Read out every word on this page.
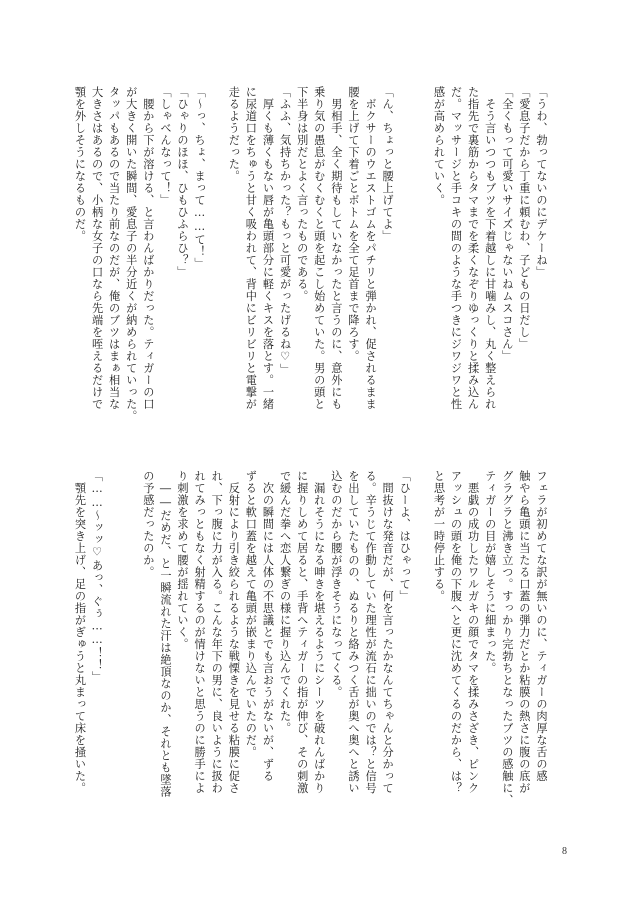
「うわ、勃ってないのにデケーね」
「愛息子だから丁重に頼むわ、子どもの日だし」
「全くもって可愛いサイズじゃないねムスコさん」
　そう言いつつもブツを下着越しに甘噛みし、丸く整えられ
た指先で裏筋からタマまでを柔くなぞりゆっくりと揉み込ん
だ。マッサージと手コキの間のような手つきにジワジワと性
感が高められていく。
「ん、ちょっと腰上げてよ」
　ボクサーのウエストゴムをパチリと弾かれ、促されるまま
腰を上げて下着ごとボトムを全て足首まで降ろす。
　男相手、全く期待もしていなかったと言うのに、意外にも
乗り気の愚息がむくむくと頭を起こし始めていた。男の頭と
下半身は別だとよく言ったものである。
「ふふ、気持ちかった？もっと可愛がったげるね♡」
　厚くも薄くもない唇が亀頭部分に軽くキスを落とす。一緒
に尿道口をちゅうと甘く吸われて、背中にビリビリと電撃が
走るようだった。
「〜っ、ちょ、まって……て！」
「ひゃりのほほ、ひもひふらひ？」
「しゃべんなって！」
　腰から下が溶ける、と言わんばかりだった。ティガーの口
が大きく開いた瞬間、愛息子の半分近くが納められていった。
タッパもあるので当たり前なのだが、俺のブツはまぁ相当な
大きさはあるので、小柄な女子の口なら先端を咥えるだけで
顎を外しそうになるものだ。
フェラが初めてな訳が無いのに、ティガーの肉厚な舌の感
触やら亀頭に当たる口蓋の弾力だとか粘膜の熱さに腹の底が
グラグラと沸き立つ。すっかり完勃ちとなったブツの感触に、
ティガーの目が嬉しそうに細まった。
　悪戯の成功したワルガキの顔でタマを揉みさざき、ピンク
アッシュの頭を俺の下腹へと更に沈めてくるのだから、は？
と思考が一時停止する。
「ひーよ、はひゃって」
　間抜けな発音だが、何を言ったかなんてちゃんと分かって
る。辛うじて作動していた理性が流石に拙いのでは？と信号
を出していたものの、ぬるりと絡みつく舌が奥へ奥へと誘い
込むのだから腰が浮きそうになってくる。
　漏れそうになる呻きを堪えるようにシーツを破れんばかり
に握りしめて居ると、手背へティガーの指が伸び、その刺激
で緩んだ拳へ恋人繋ぎの様に握り込んでくれた。
　次の瞬間には人体の不思議とでも言おうがないが、ずる
ずると軟口蓋を越えて亀頭が嵌まり込んでいたのだ。
　反射により引き絞られるような戦慄きを見せる粘膜に促さ
れ、下っ腹に力が入る。こんな年下の男に、良いように扱わ
れてみっともなく射精するのが情けないと思うのに勝手によ
り刺激を求めて腰が揺れていく。
　――だめだ、と一瞬流れた汗は絶頂なのか、それとも墜落
の予感だったのか。
「……〜ッッ♡あっ、ぐぅ……！！」
　顎先を突き上げ、足の指がぎゅうと丸まって床を掻いた。
8
